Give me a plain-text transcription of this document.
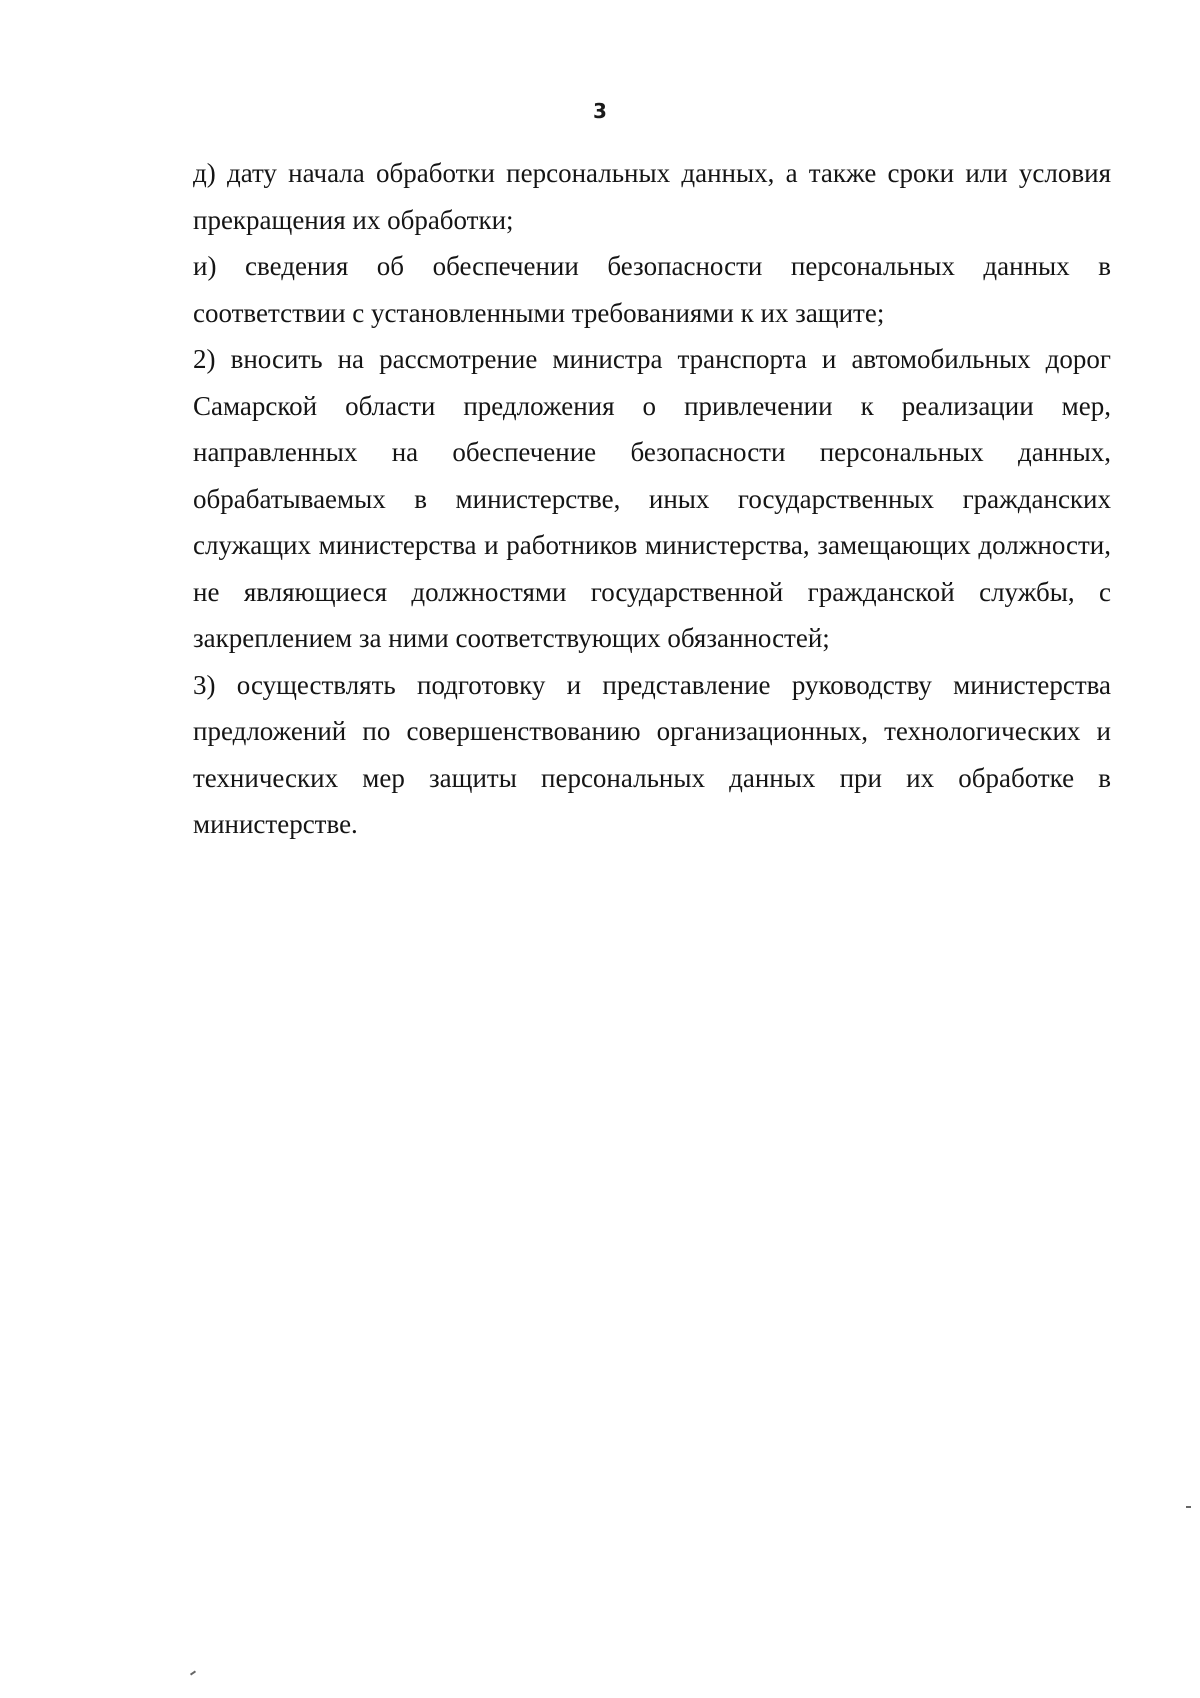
3

д) дату начала обработки персональных данных, а также сроки или условия прекращения их обработки;

и) сведения об обеспечении безопасности персональных данных в соответствии с установленными требованиями к их защите;

2) вносить на рассмотрение министра транспорта и автомобильных дорог Самарской области предложения о привлечении к реализации мер, направленных на обеспечение безопасности персональных данных, обрабатываемых в министерстве, иных государственных гражданских служащих министерства и работников министерства, замещающих должности, не являющиеся должностями государственной гражданской службы, с закреплением за ними соответствующих обязанностей;

3) осуществлять подготовку и представление руководству министерства предложений по совершенствованию организационных, технологических и технических мер защиты персональных данных при их обработке в министерстве.
